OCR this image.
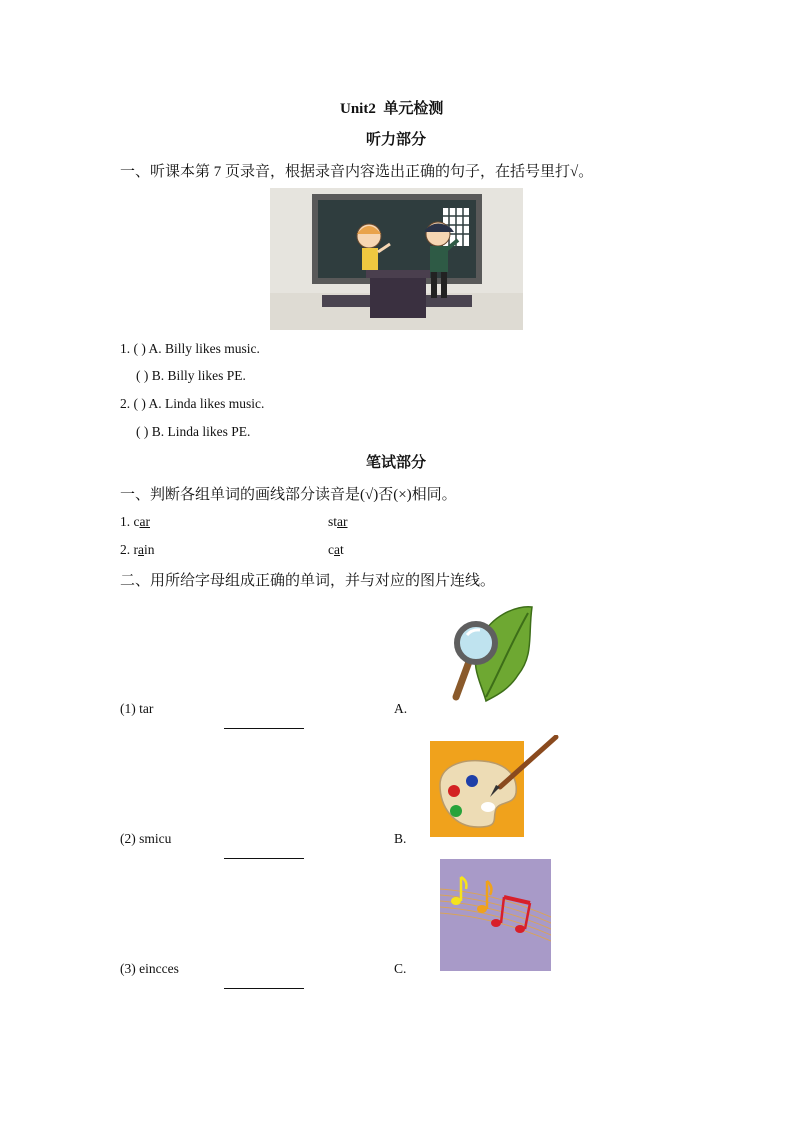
Unit2 单元检测
听力部分
一、听课本第 7 页录音，根据录音内容选出正确的句子，在括号里打√。
1. ( ) A. Billy likes music.
( ) B. Billy likes PE.
2. ( ) A. Linda likes music.
( ) B. Linda likes PE.
笔试部分
一、判断各组单词的画线部分读音是(√)否(×)相同。
1. car	star
2. rain	cat
二、用所给字母组成正确的单词，并与对应的图片连线。
(1) tar	A.
(2) smicu	B.
(3) eincces	C.
